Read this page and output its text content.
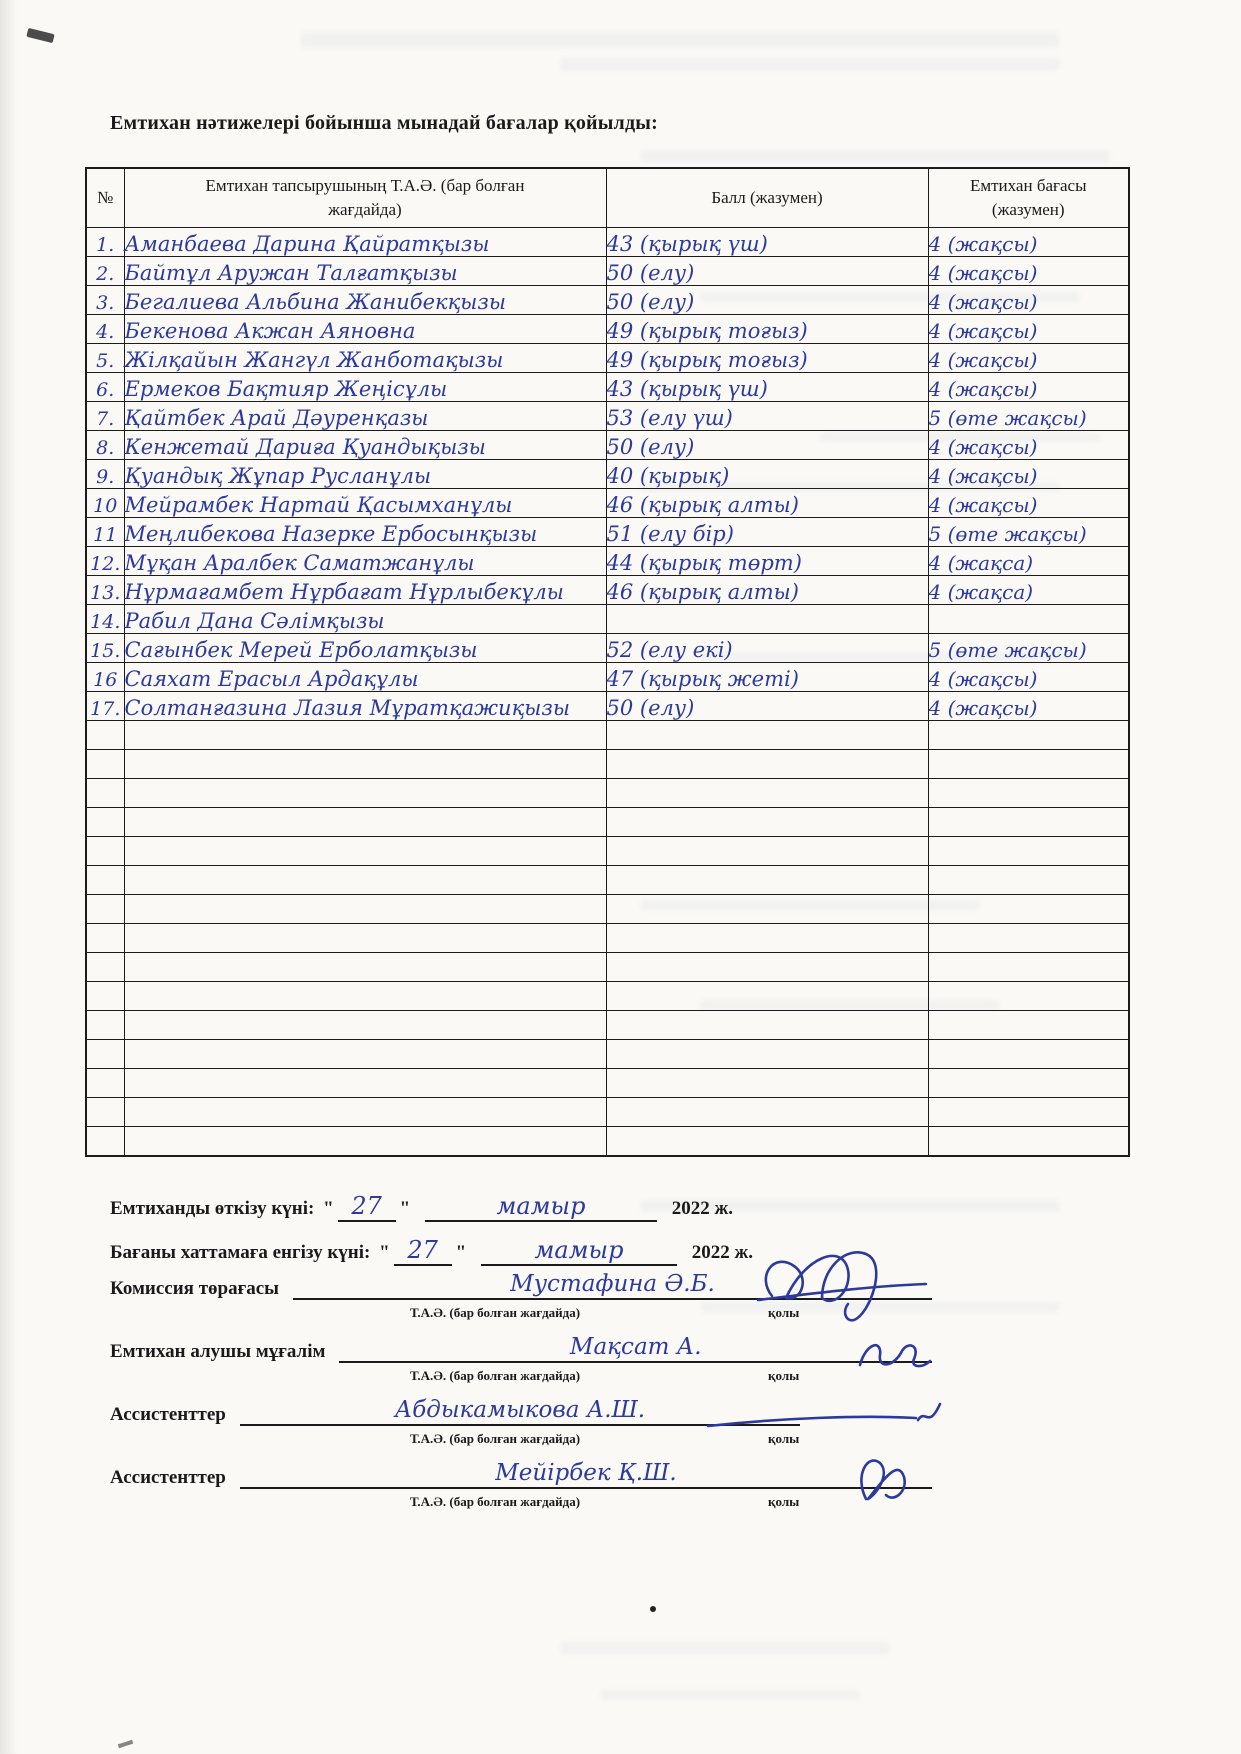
Емтихан нәтижелері бойынша мынадай бағалар қойылды:
№	Емтихан тапсырушының Т.А.Ә. (бар болған
жағдайда)	Балл (жазумен)	Емтихан бағасы
(жазумен)
1.	Аманбаева Дарина Қайратқызы	43 (қырық үш)	4 (жақсы)
2.	Байтұл Аружан Талғатқызы	50 (елу)	4 (жақсы)
3.	Бегалиева Альбина Жанибекқызы	50 (елу)	4 (жақсы)
4.	Бекенова Акжан Аяновна	49 (қырық тоғыз)	4 (жақсы)
5.	Жілқайын Жангүл Жанботақызы	49 (қырық тоғыз)	4 (жақсы)
6.	Ермеков Бақтияр Жеңісұлы	43 (қырық үш)	4 (жақсы)
7.	Қайтбек Арай Дәуренқазы	53 (елу үш)	5 (өте жақсы)
8.	Кенжетай Дариға Қуандықызы	50 (елу)	4 (жақсы)
9.	Қуандық Жұпар Русланұлы	40 (қырық)	4 (жақсы)
10	Мейрамбек Нартай Қасымханұлы	46 (қырық алты)	4 (жақсы)
11	Меңлибекова Назерке Ербосынқызы	51 (елу бір)	5 (өте жақсы)
12.	Мұқан Аралбек Саматжанұлы	44 (қырық төрт)	4 (жақса)
13.	Нұрмағамбет Нұрбағат Нұрлыбекұлы	46 (қырық алты)	4 (жақса)
14.	Рабил Дана Сәлімқызы		
15.	Сағынбек Мерей Ерболатқызы	52 (елу екі)	5 (өте жақсы)
16	Саяхат Ерасыл Ардақұлы	47 (қырық жеті)	4 (жақсы)
17.	Солтанғазина Лазия Мұратқажиқызы	50 (елу)	4 (жақсы)

Емтиханды өткізу күні: " 27 "	мамыр	2022 ж.
Бағаны хаттамаға енгізу күні: " 27 "	мамыр	2022 ж.
Комиссия төрағасы	Мустафина Ә.Б.
Т.А.Ә. (бар болған жағдайда)	қолы
Емтихан алушы мұғалім	Мақсат А.
Т.А.Ә. (бар болған жағдайда)	қолы
Ассистенттер	Абдыкамыкова А.Ш.
Т.А.Ә. (бар болған жағдайда)	қолы
Ассистенттер	Мейірбек Қ.Ш.
Т.А.Ә. (бар болған жағдайда)	қолы
